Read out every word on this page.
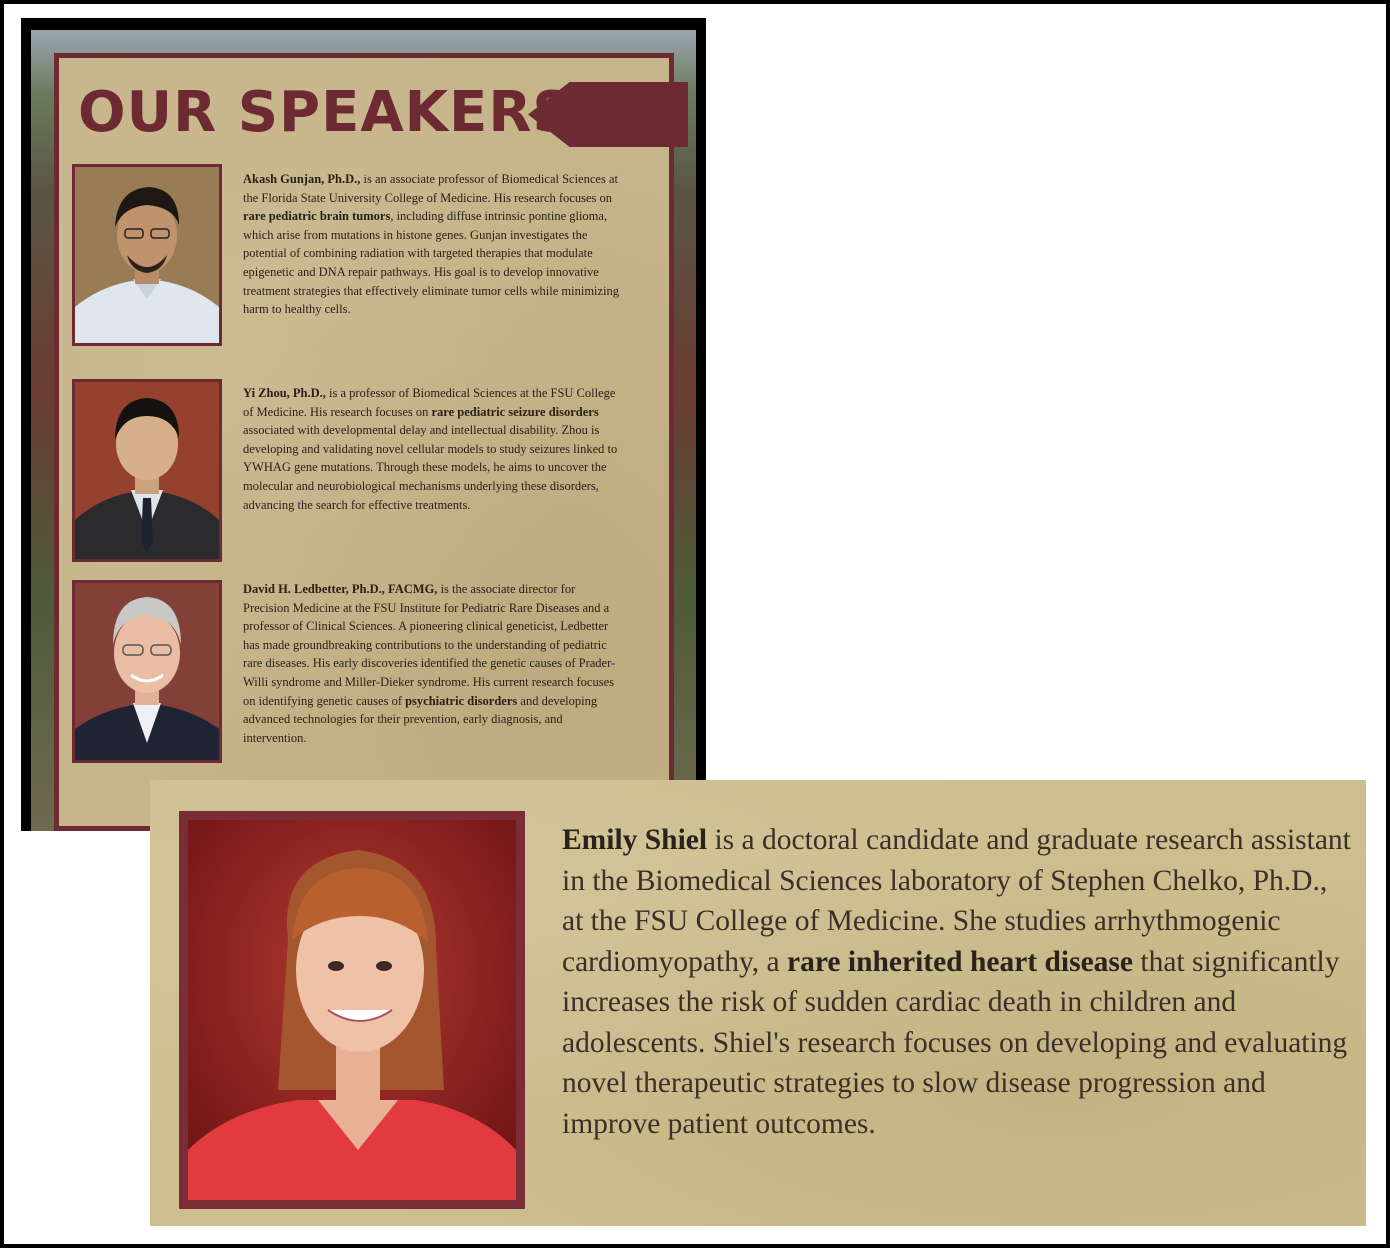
OUR SPEAKERS

Akash Gunjan, Ph.D., is an associate professor of Biomedical Sciences at the Florida State University College of Medicine. His research focuses on rare pediatric brain tumors, including diffuse intrinsic pontine glioma, which arise from mutations in histone genes. Gunjan investigates the potential of combining radiation with targeted therapies that modulate epigenetic and DNA repair pathways. His goal is to develop innovative treatment strategies that effectively eliminate tumor cells while minimizing harm to healthy cells.

Yi Zhou, Ph.D., is a professor of Biomedical Sciences at the FSU College of Medicine. His research focuses on rare pediatric seizure disorders associated with developmental delay and intellectual disability. Zhou is developing and validating novel cellular models to study seizures linked to YWHAG gene mutations. Through these models, he aims to uncover the molecular and neurobiological mechanisms underlying these disorders, advancing the search for effective treatments.

David H. Ledbetter, Ph.D., FACMG, is the associate director for Precision Medicine at the FSU Institute for Pediatric Rare Diseases and a professor of Clinical Sciences. A pioneering clinical geneticist, Ledbetter has made groundbreaking contributions to the understanding of pediatric rare diseases. His early discoveries identified the genetic causes of Prader-Willi syndrome and Miller-Dieker syndrome. His current research focuses on identifying genetic causes of psychiatric disorders and developing advanced technologies for their prevention, early diagnosis, and intervention.

Emily Shiel is a doctoral candidate and graduate research assistant in the Biomedical Sciences laboratory of Stephen Chelko, Ph.D., at the FSU College of Medicine. She studies arrhythmogenic cardiomyopathy, a rare inherited heart disease that significantly increases the risk of sudden cardiac death in children and adolescents. Shiel's research focuses on developing and evaluating novel therapeutic strategies to slow disease progression and improve patient outcomes.
